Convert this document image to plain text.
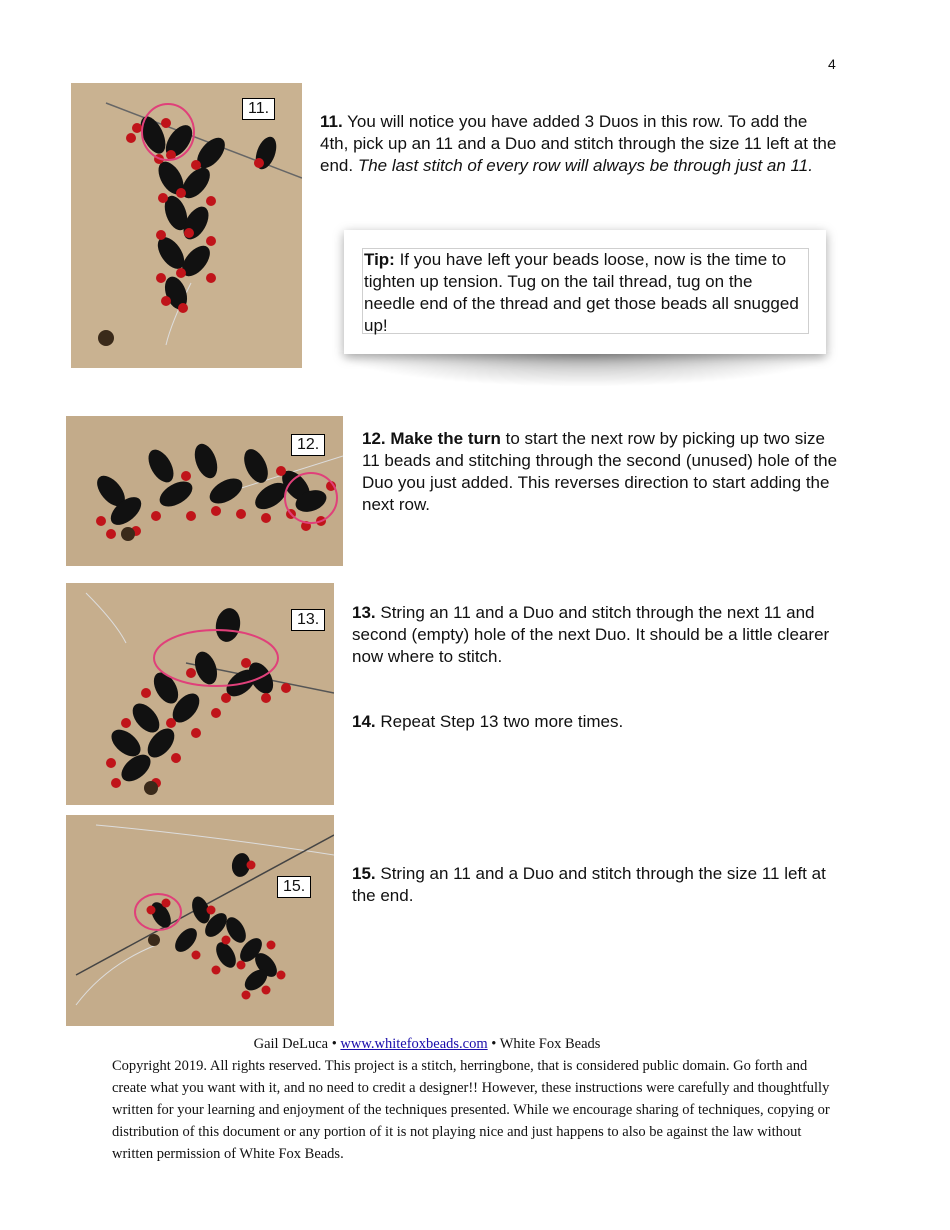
4
11.
11. You will notice you have added 3 Duos in this row. To add the 4th, pick up an 11 and a Duo and stitch through the size 11 left at the end. The last stitch of every row will always be through just an 11.
Tip: If you have left your beads loose, now is the time to tighten up tension. Tug on the tail thread, tug on the needle end of the thread and get those beads all snugged up!
12.	12. Make the turn to start the next row by picking up two size 11 beads and stitching through the second (unused) hole of the Duo you just added. This reverses direction to start adding the next row.
13.	13. String an 11 and a Duo and stitch through the next 11 and second (empty) hole of the next Duo. It should be a little clearer now where to stitch.
14. Repeat Step 13 two more times.
15.
15. String an 11 and a Duo and stitch through the size 11 left at the end.
Gail DeLuca • www.whitefoxbeads.com • White Fox Beads
Copyright 2019. All rights reserved. This project is a stitch, herringbone, that is considered public domain. Go forth and create what you want with it, and no need to credit a designer!! However, these instructions were carefully and thoughtfully written for your learning and enjoyment of the techniques presented. While we encourage sharing of techniques, copying or distribution of this document or any portion of it is not playing nice and just happens to also be against the law without written permission of White Fox Beads.
